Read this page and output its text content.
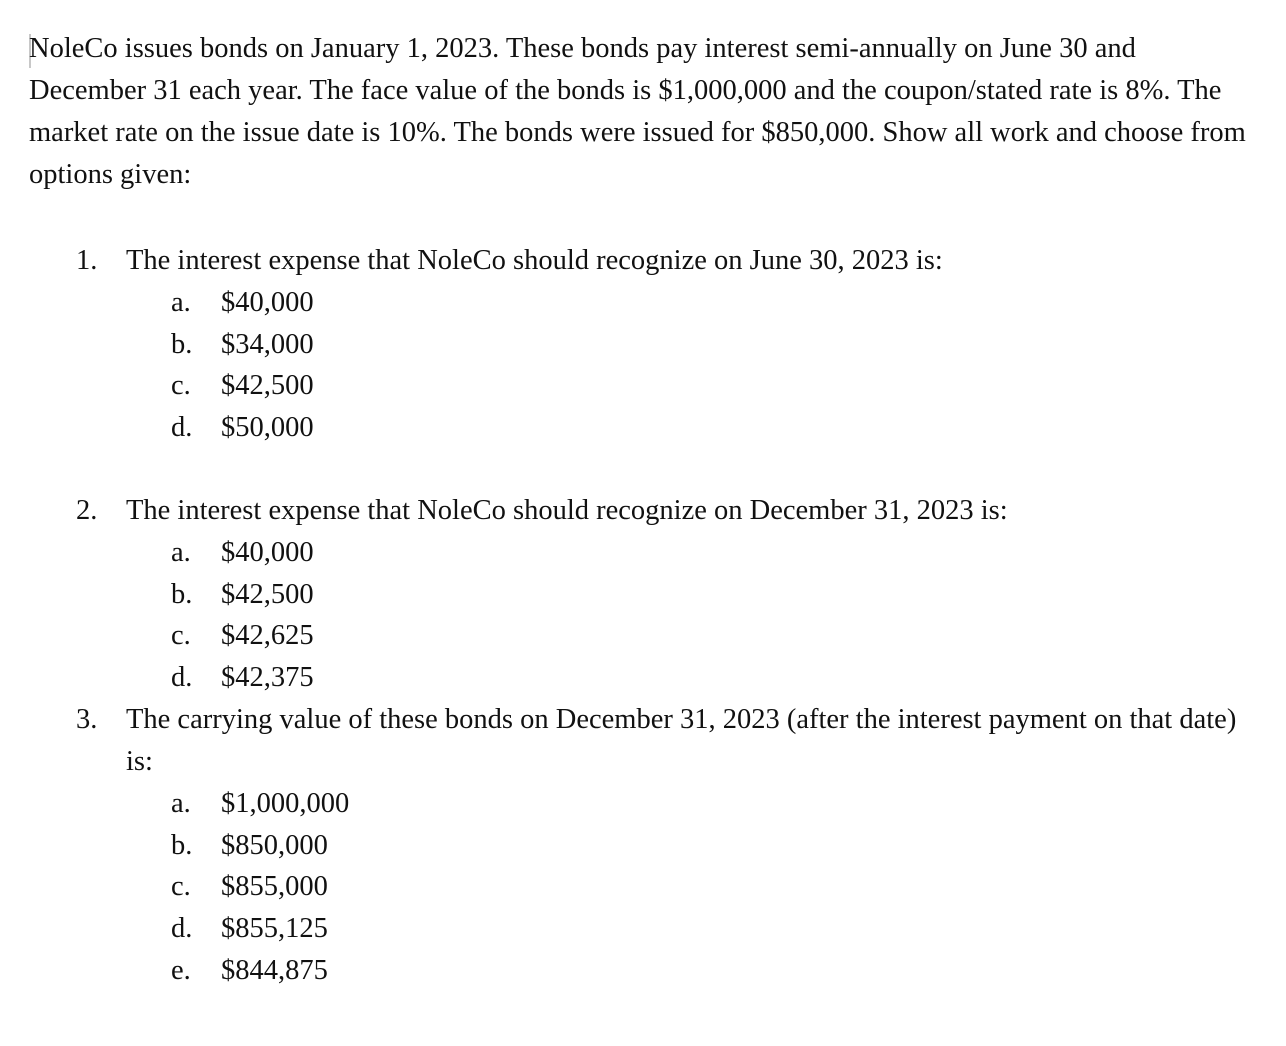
NoleCo issues bonds on January 1, 2023. These bonds pay interest semi-annually on June 30 and December 31 each year. The face value of the bonds is $1,000,000 and the coupon/stated rate is 8%. The market rate on the issue date is 10%. The bonds were issued for $850,000. Show all work and choose from options given:

1. The interest expense that NoleCo should recognize on June 30, 2023 is:

a. $40,000
b. $34,000
c. $42,500
d. $50,000
2. The interest expense that NoleCo should recognize on December 31, 2023 is:

a. $40,000
b. $42,500
c. $42,625
d. $42,375
3. The carrying value of these bonds on December 31, 2023 (after the interest payment on that date) is:

a. $1,000,000
b. $850,000
c. $855,000
d. $855,125
e. $844,875
